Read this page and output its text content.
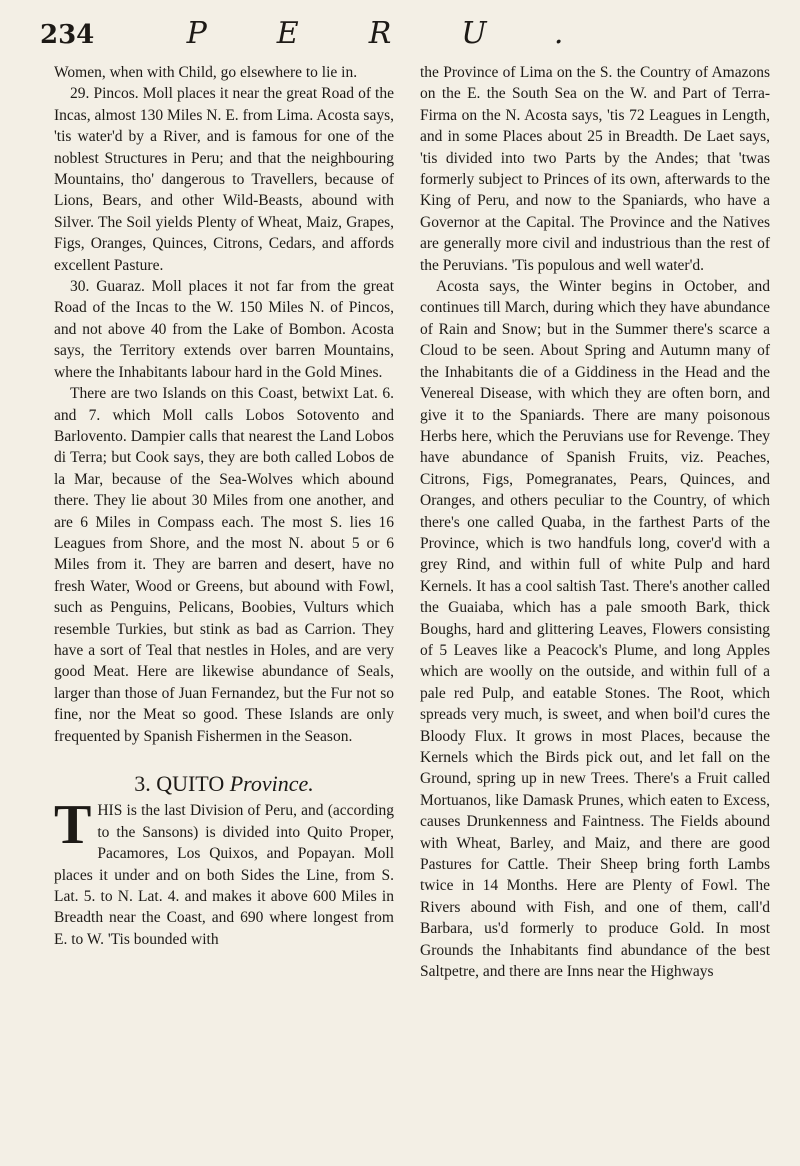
234	PERU.

Women, when with Child, go elsewhere to lie in.

29. Pincos. Moll places it near the great Road of the Incas, almost 130 Miles N. E. from Lima. Acosta says, 'tis water'd by a River, and is famous for one of the noblest Structures in Peru; and that the neighbouring Mountains, tho' dangerous to Travellers, because of Lions, Bears, and other Wild-Beasts, abound with Silver. The Soil yields Plenty of Wheat, Maiz, Grapes, Figs, Oranges, Quinces, Citrons, Cedars, and affords excellent Pasture.

30. Guaraz. Moll places it not far from the great Road of the Incas to the W. 150 Miles N. of Pincos, and not above 40 from the Lake of Bombon. Acosta says, the Territory extends over barren Mountains, where the Inhabitants labour hard in the Gold Mines.

There are two Islands on this Coast, betwixt Lat. 6. and 7. which Moll calls Lobos Sotovento and Barlovento. Dampier calls that nearest the Land Lobos di Terra; but Cook says, they are both called Lobos de la Mar, because of the Sea-Wolves which abound there. They lie about 30 Miles from one another, and are 6 Miles in Compass each. The most S. lies 16 Leagues from Shore, and the most N. about 5 or 6 Miles from it. They are barren and desert, have no fresh Water, Wood or Greens, but abound with Fowl, such as Penguins, Pelicans, Boobies, Vulturs which resemble Turkies, but stink as bad as Carrion. They have a sort of Teal that nestles in Holes, and are very good Meat. Here are likewise abundance of Seals, larger than those of Juan Fernandez, but the Fur not so fine, nor the Meat so good. These Islands are only frequented by Spanish Fishermen in the Season.

3. QUITO Province.

THIS is the last Division of Peru, and (according to the Sansons) is divided into Quito Proper, Pacamores, Los Quixos, and Popayan. Moll places it under and on both Sides the Line, from S. Lat. 5. to N. Lat. 4. and makes it above 600 Miles in Breadth near the Coast, and 690 where longest from E. to W. 'Tis bounded with

the Province of Lima on the S. the Country of Amazons on the E. the South Sea on the W. and Part of Terra-Firma on the N. Acosta says, 'tis 72 Leagues in Length, and in some Places about 25 in Breadth. De Laet says, 'tis divided into two Parts by the Andes; that 'twas formerly subject to Princes of its own, afterwards to the King of Peru, and now to the Spaniards, who have a Governor at the Capital. The Province and the Natives are generally more civil and industrious than the rest of the Peruvians. 'Tis populous and well water'd.

Acosta says, the Winter begins in October, and continues till March, during which they have abundance of Rain and Snow; but in the Summer there's scarce a Cloud to be seen. About Spring and Autumn many of the Inhabitants die of a Giddiness in the Head and the Venereal Disease, with which they are often born, and give it to the Spaniards. There are many poisonous Herbs here, which the Peruvians use for Revenge. They have abundance of Spanish Fruits, viz. Peaches, Citrons, Figs, Pomegranates, Pears, Quinces, and Oranges, and others peculiar to the Country, of which there's one called Quaba, in the farthest Parts of the Province, which is two handfuls long, cover'd with a grey Rind, and within full of white Pulp and hard Kernels. It has a cool saltish Tast. There's another called the Guaiaba, which has a pale smooth Bark, thick Boughs, hard and glittering Leaves, Flowers consisting of 5 Leaves like a Peacock's Plume, and long Apples which are woolly on the outside, and within full of a pale red Pulp, and eatable Stones. The Root, which spreads very much, is sweet, and when boil'd cures the Bloody Flux. It grows in most Places, because the Kernels which the Birds pick out, and let fall on the Ground, spring up in new Trees. There's a Fruit called Mortuanos, like Damask Prunes, which eaten to Excess, causes Drunkenness and Faintness. The Fields abound with Wheat, Barley, and Maiz, and there are good Pastures for Cattle. Their Sheep bring forth Lambs twice in 14 Months. Here are Plenty of Fowl. The Rivers abound with Fish, and one of them, call'd Barbara, us'd formerly to produce Gold. In most Grounds the Inhabitants find abundance of the best Saltpetre, and there are Inns near the Highways
